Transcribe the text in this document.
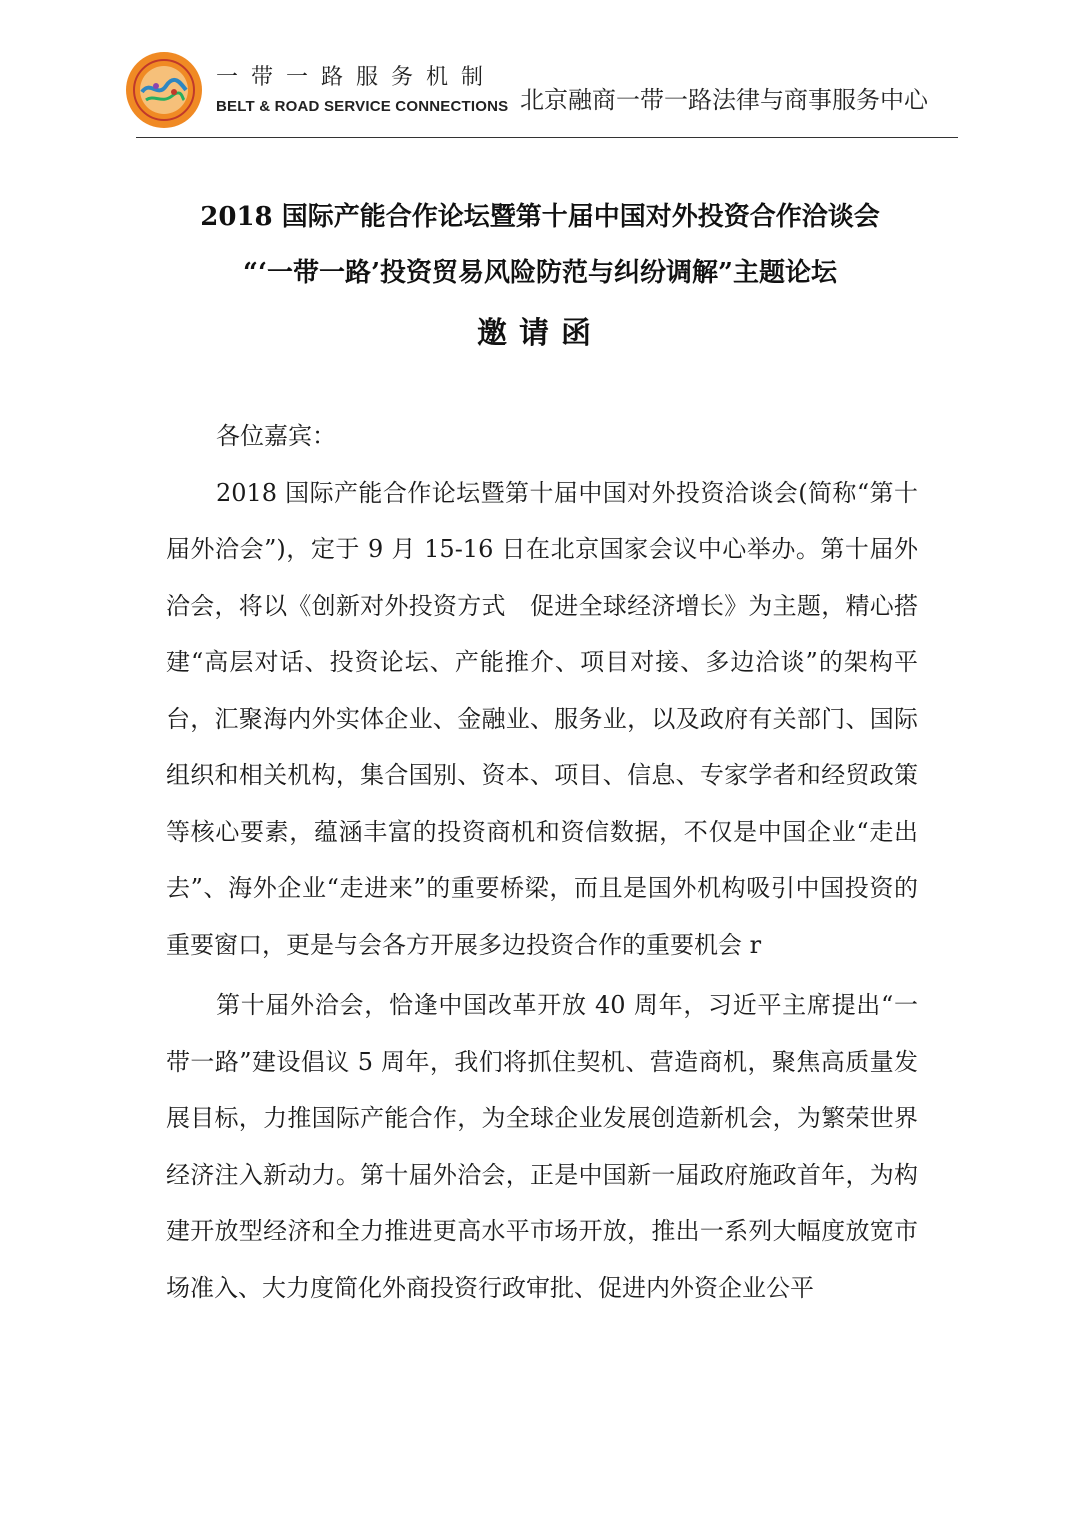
一带一路服务机制
BELT & ROAD SERVICE CONNECTIONS 北京融商一带一路法律与商事服务中心
2018 国际产能合作论坛暨第十届中国对外投资合作洽谈会
“‘一带一路’投资贸易风险防范与纠纷调解”主题论坛
邀请函

各位嘉宾：

2018 国际产能合作论坛暨第十届中国对外投资洽谈会(简称“第十届外洽会”)，定于 9 月 15-16 日在北京国家会议中心举办。第十届外洽会，将以《创新对外投资方式　促进全球经济增长》为主题，精心搭建“高层对话、投资论坛、产能推介、项目对接、多边洽谈”的架构平台，汇聚海内外实体企业、金融业、服务业，以及政府有关部门、国际组织和相关机构，集合国别、资本、项目、信息、专家学者和经贸政策等核心要素，蕴涵丰富的投资商机和资信数据，不仅是中国企业“走出去”、海外企业“走进来”的重要桥梁，而且是国外机构吸引中国投资的重要窗口，更是与会各方开展多边投资合作的重要机会 r

第十届外洽会，恰逢中国改革开放 40 周年，习近平主席提出“一带一路”建设倡议 5 周年，我们将抓住契机、营造商机，聚焦高质量发展目标，力推国际产能合作，为全球企业发展创造新机会，为繁荣世界经济注入新动力。第十届外洽会，正是中国新一届政府施政首年，为构建开放型经济和全力推进更高水平市场开放，推出一系列大幅度放宽市场准入、大力度简化外商投资行政审批、促进内外资企业公平
